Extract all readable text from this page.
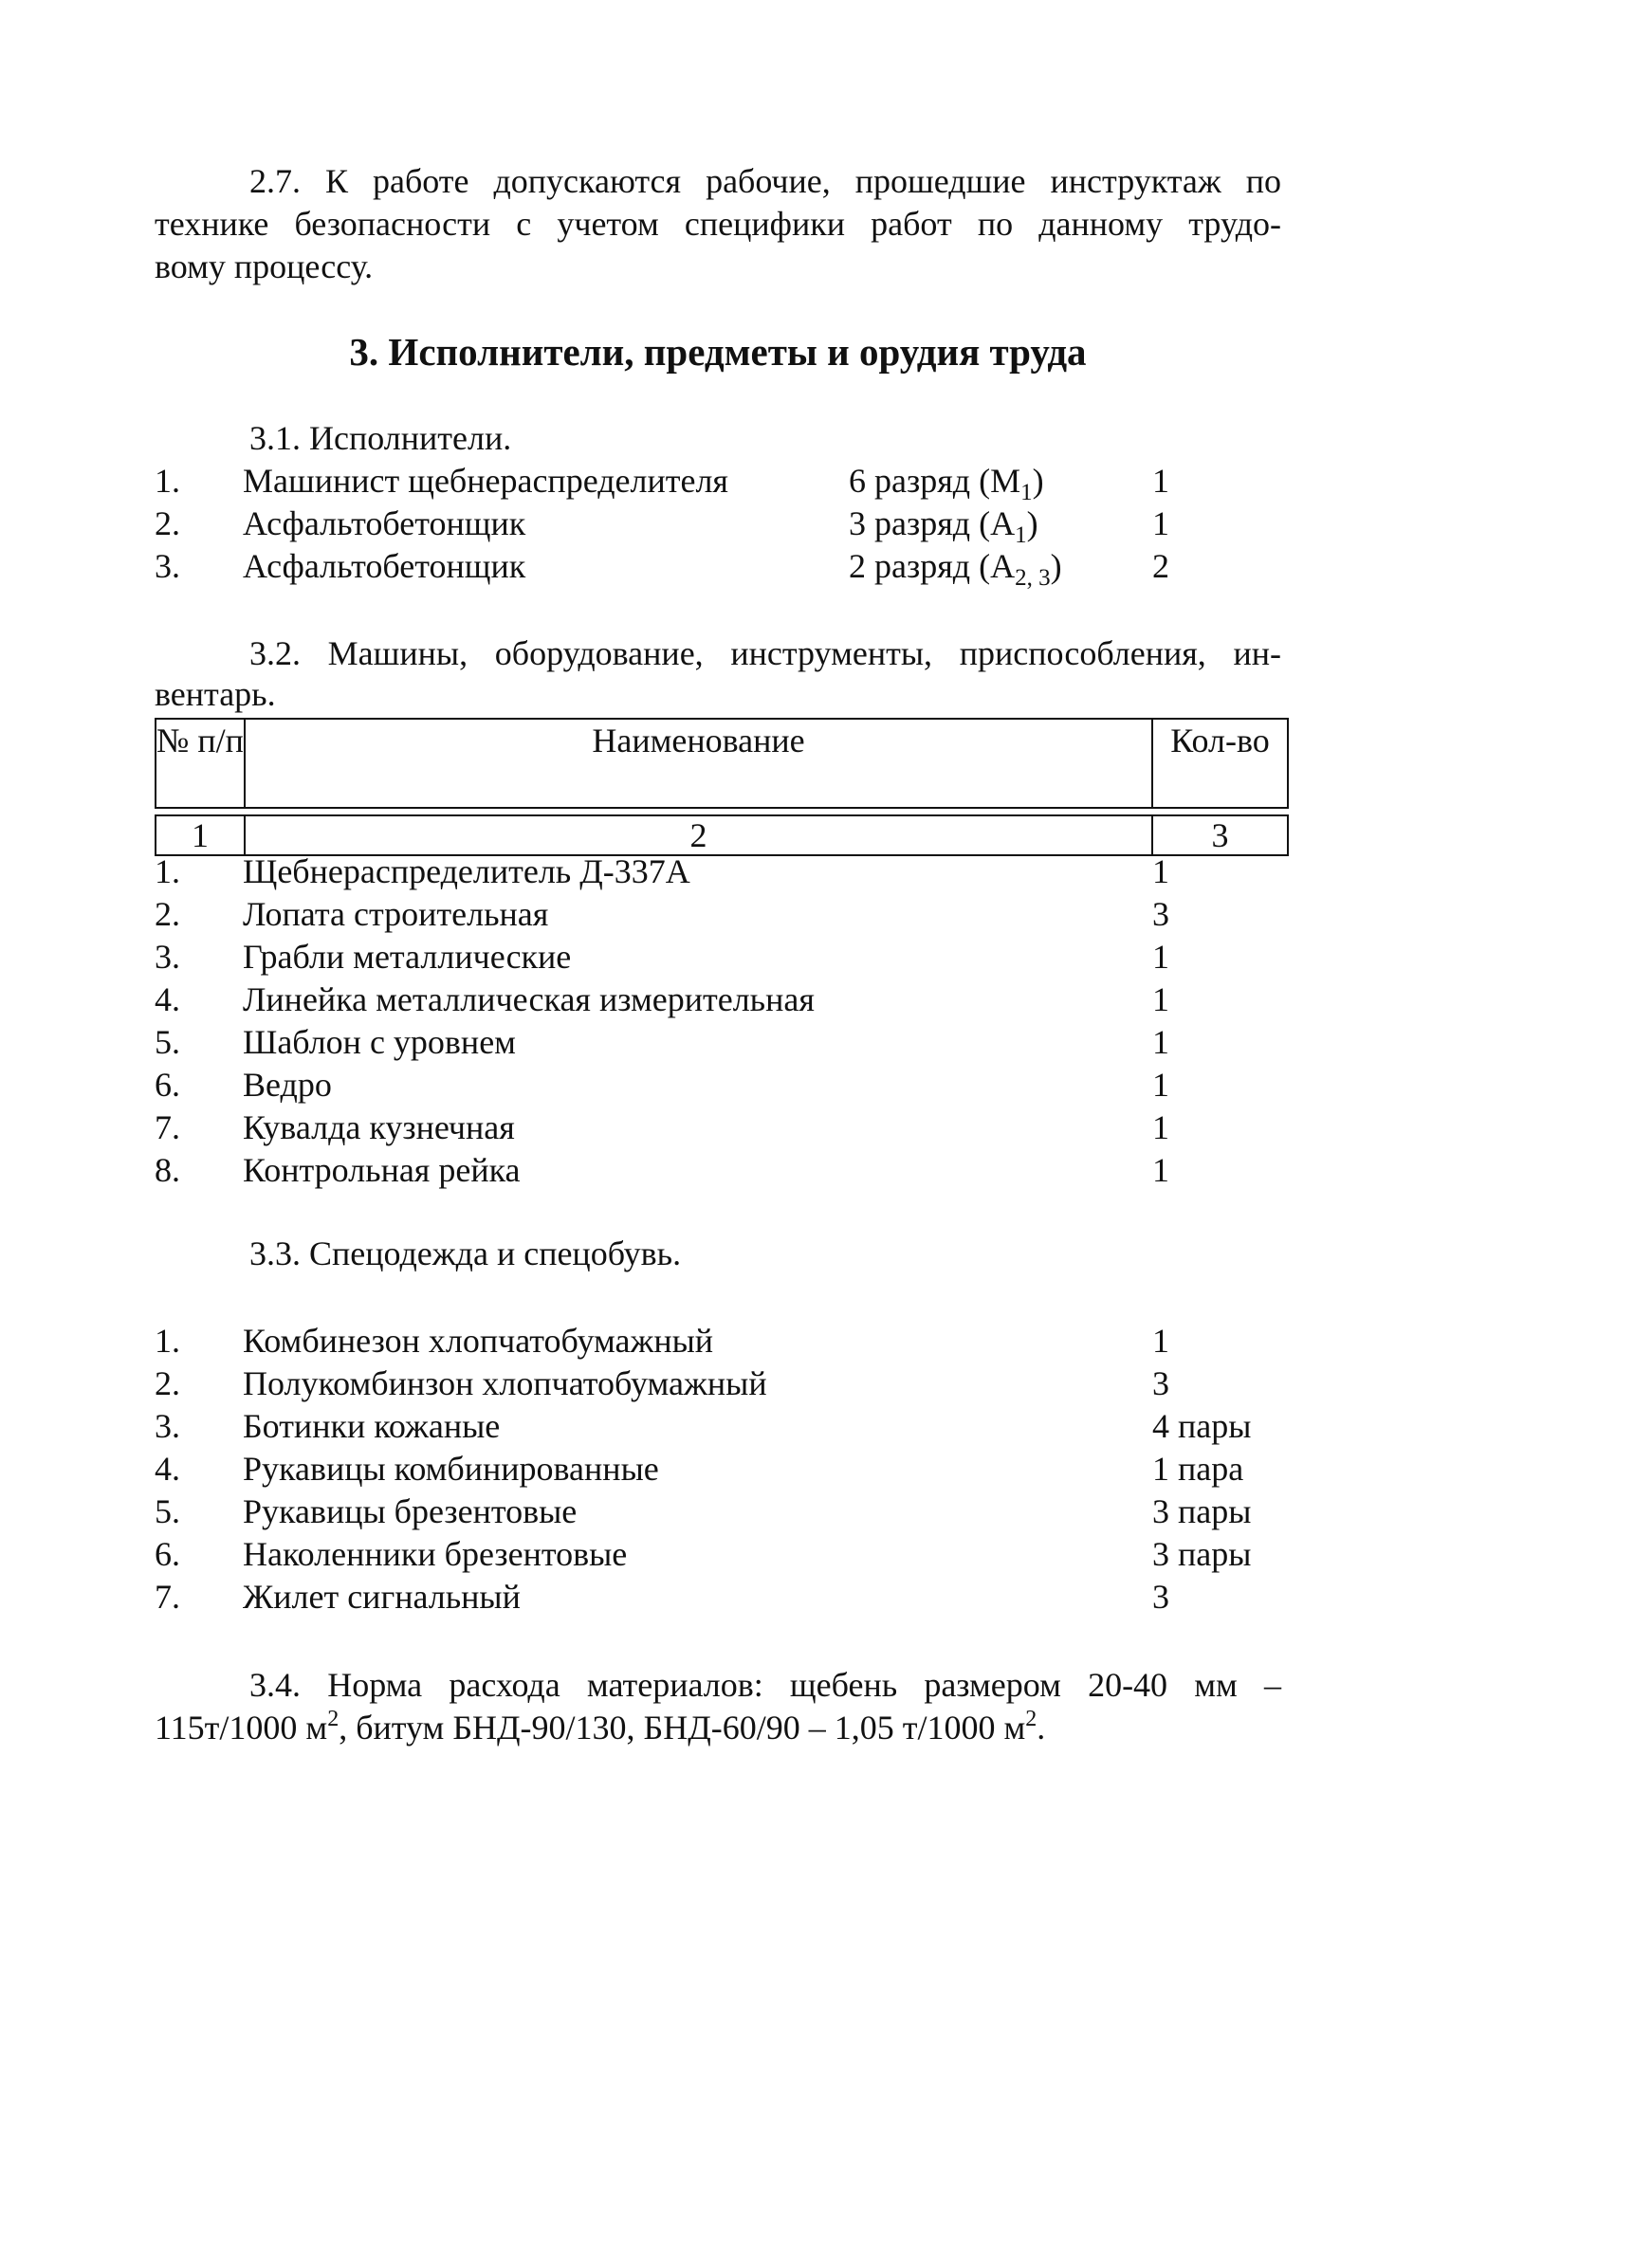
2.7. К работе допускаются рабочие, прошедшие инструктаж по
технике безопасности с учетом специфики работ по данному трудо-
вому процессу.
3. Исполнители, предметы и орудия труда

3.1. Исполнители.

1. Машинист щебнераспределителя	6 разряд $(М_1)$	1
2. Асфальтобетонщик	3 разряд $(А_1)$	1
3. Асфальтобетонщик	2 разряд $(А_{2, 3})$	2
3.2. Машины, оборудование, инструменты, приспособления, ин-
вентарь.
№ п/п	Наименование	Кол-во

1	2	3
1. Щебнераспределитель Д-337А	1
2. Лопата строительная	3
3. Грабли металлические	1
4. Линейка металлическая измерительная	1
5. Шаблон с уровнем	1
6. Ведро	1
7. Кувалда кузнечная	1
8. Контрольная рейка	1

3.3. Спецодежда и спецобувь.

1. Комбинезон хлопчатобумажный	1
2. Полукомбинзон хлопчатобумажный	3
3. Ботинки кожаные	4 пары
4. Рукавицы комбинированные	1 пара
5. Рукавицы брезентовые	3 пары
6. Наколенники брезентовые	3 пары
7. Жилет сигнальный	3
3.4. Норма расхода материалов: щебень размером 20-40 мм –
115т/1000 $м^2$, битум БНД-90/130, БНД-60/90 – 1,05 т/1000 $м^2$.
